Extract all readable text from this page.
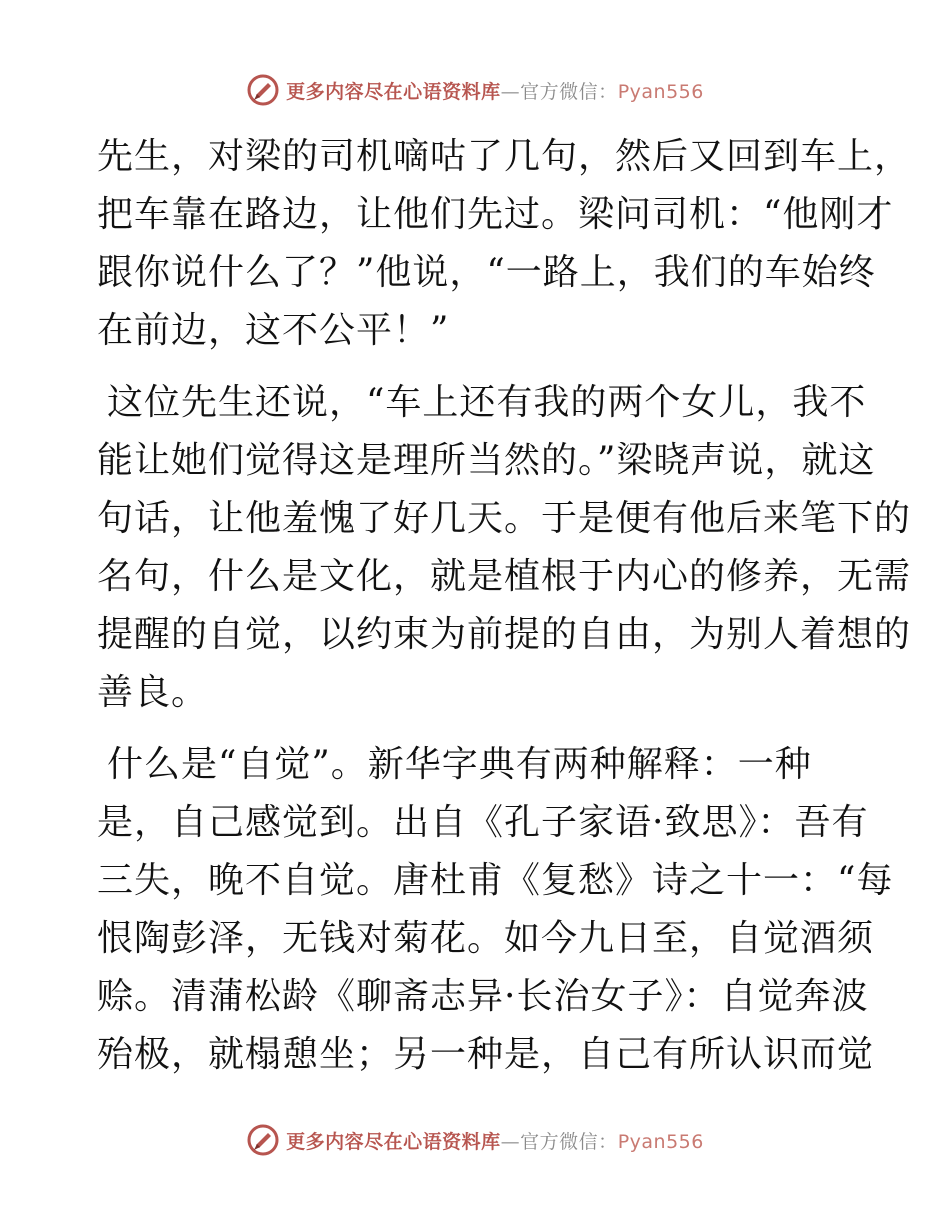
更多内容尽在心语资料库—官方微信：Pyan556
先生，对梁的司机嘀咕了几句，然后又回到车上，
把车靠在路边，让他们先过。梁问司机：“他刚才
跟你说什么了？”他说，“一路上，我们的车始终
在前边，这不公平！”
这位先生还说，“车上还有我的两个女儿，我不
能让她们觉得这是理所当然的。”梁晓声说，就这
句话，让他羞愧了好几天。于是便有他后来笔下的
名句，什么是文化，就是植根于内心的修养，无需
提醒的自觉，以约束为前提的自由，为别人着想的
善良。
什么是“自觉”。新华字典有两种解释：一种
是，自己感觉到。出自《孔子家语·致思》：吾有
三失，晚不自觉。唐杜甫《复愁》诗之十一：“每
恨陶彭泽，无钱对菊花。如今九日至，自觉酒须
赊。清蒲松龄《聊斋志异·长治女子》：自觉奔波
殆极，就榻憩坐；另一种是，自己有所认识而觉
更多内容尽在心语资料库—官方微信：Pyan556
